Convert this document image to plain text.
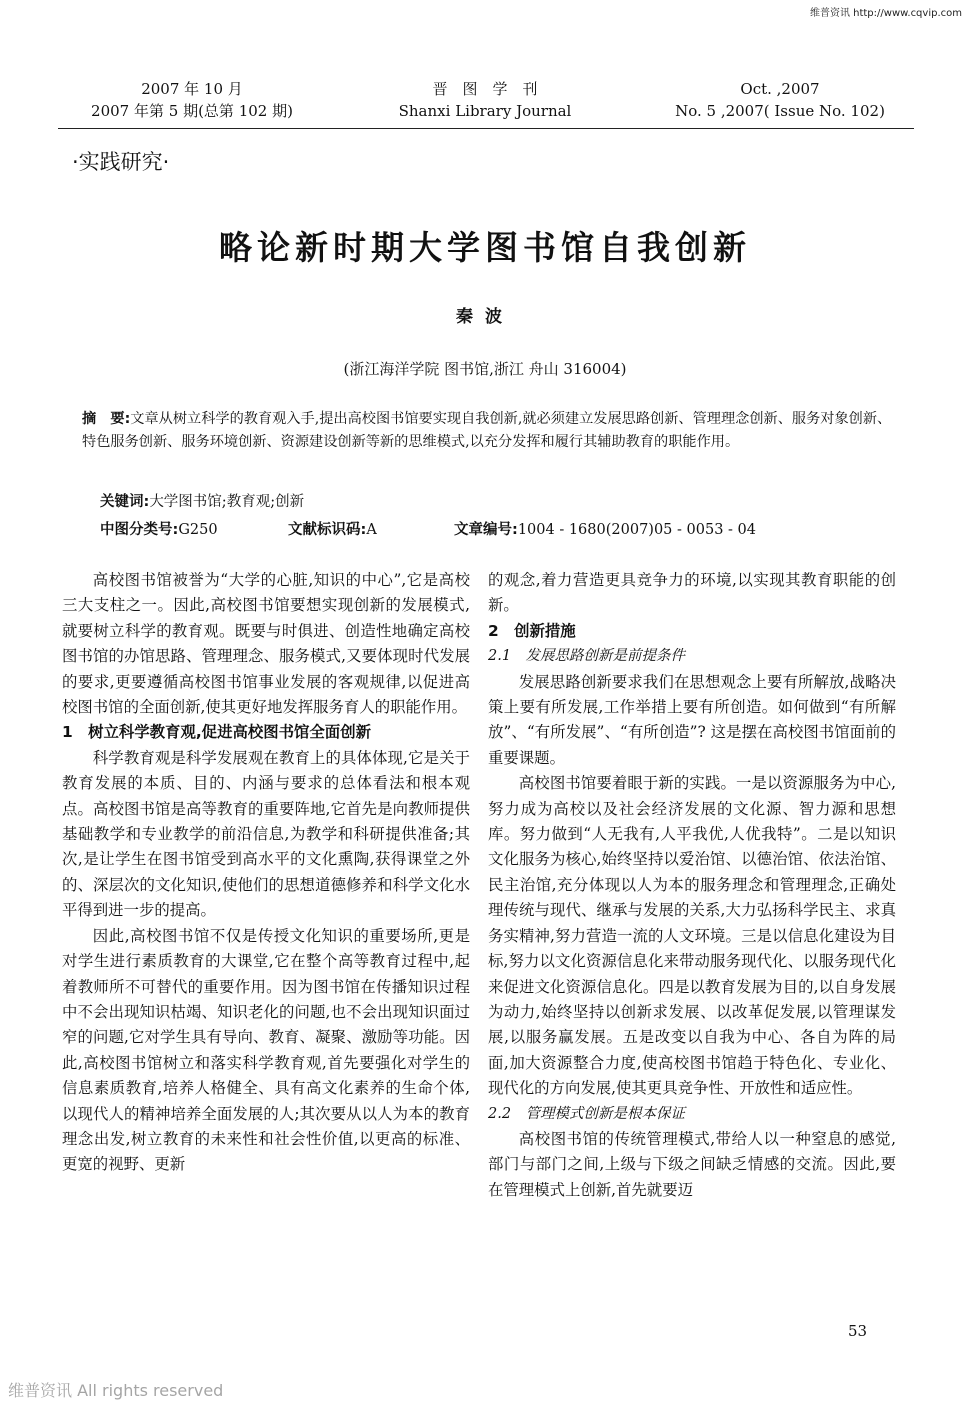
维普资讯 http://www.cqvip.com
2007 年 10 月
2007 年第 5 期(总第 102 期)
晋　图　学　刊
Shanxi Library Journal
Oct. ,2007
No. 5 ,2007( Issue No. 102)
·实践研究·
略论新时期大学图书馆自我创新
秦波
(浙江海洋学院 图书馆,浙江 舟山 316004)
摘　要:文章从树立科学的教育观入手,提出高校图书馆要实现自我创新,就必须建立发展思路创新、管理理念创新、服务对象创新、特色服务创新、服务环境创新、资源建设创新等新的思维模式,以充分发挥和履行其辅助教育的职能作用。
关键词:大学图书馆;教育观;创新
中图分类号:G250	文献标识码:A	文章编号:1004 - 1680(2007)05 - 0053 - 04

高校图书馆被誉为“大学的心脏,知识的中心”,它是高校三大支柱之一。因此,高校图书馆要想实现创新的发展模式,就要树立科学的教育观。既要与时俱进、创造性地确定高校图书馆的办馆思路、管理理念、服务模式,又要体现时代发展的要求,更要遵循高校图书馆事业发展的客观规律,以促进高校图书馆的全面创新,使其更好地发挥服务育人的职能作用。

1　树立科学教育观,促进高校图书馆全面创新

科学教育观是科学发展观在教育上的具体体现,它是关于教育发展的本质、目的、内涵与要求的总体看法和根本观点。高校图书馆是高等教育的重要阵地,它首先是向教师提供基础教学和专业教学的前沿信息,为教学和科研提供准备;其次,是让学生在图书馆受到高水平的文化熏陶,获得课堂之外的、深层次的文化知识,使他们的思想道德修养和科学文化水平得到进一步的提高。

因此,高校图书馆不仅是传授文化知识的重要场所,更是对学生进行素质教育的大课堂,它在整个高等教育过程中,起着教师所不可替代的重要作用。因为图书馆在传播知识过程中不会出现知识枯竭、知识老化的问题,也不会出现知识面过窄的问题,它对学生具有导向、教育、凝聚、激励等功能。因此,高校图书馆树立和落实科学教育观,首先要强化对学生的信息素质教育,培养人格健全、具有高文化素养的生命个体,以现代人的精神培养全面发展的人;其次要从以人为本的教育理念出发,树立教育的未来性和社会性价值,以更高的标准、更宽的视野、更新

的观念,着力营造更具竞争力的环境,以实现其教育职能的创新。

2　创新措施
2.1　发展思路创新是前提条件

发展思路创新要求我们在思想观念上要有所解放,战略决策上要有所发展,工作举措上要有所创造。如何做到“有所解放”、“有所发展”、“有所创造”? 这是摆在高校图书馆面前的重要课题。

高校图书馆要着眼于新的实践。一是以资源服务为中心,努力成为高校以及社会经济发展的文化源、智力源和思想库。努力做到“人无我有,人平我优,人优我特”。二是以知识文化服务为核心,始终坚持以爱治馆、以德治馆、依法治馆、民主治馆,充分体现以人为本的服务理念和管理理念,正确处理传统与现代、继承与发展的关系,大力弘扬科学民主、求真务实精神,努力营造一流的人文环境。三是以信息化建设为目标,努力以文化资源信息化来带动服务现代化、以服务现代化来促进文化资源信息化。四是以教育发展为目的,以自身发展为动力,始终坚持以创新求发展、以改革促发展,以管理谋发展,以服务赢发展。五是改变以自我为中心、各自为阵的局面,加大资源整合力度,使高校图书馆趋于特色化、专业化、现代化的方向发展,使其更具竞争性、开放性和适应性。

2.2　管理模式创新是根本保证

高校图书馆的传统管理模式,带给人以一种窒息的感觉,部门与部门之间,上级与下级之间缺乏情感的交流。因此,要在管理模式上创新,首先就要迈

53
维普资讯 All rights reserved
